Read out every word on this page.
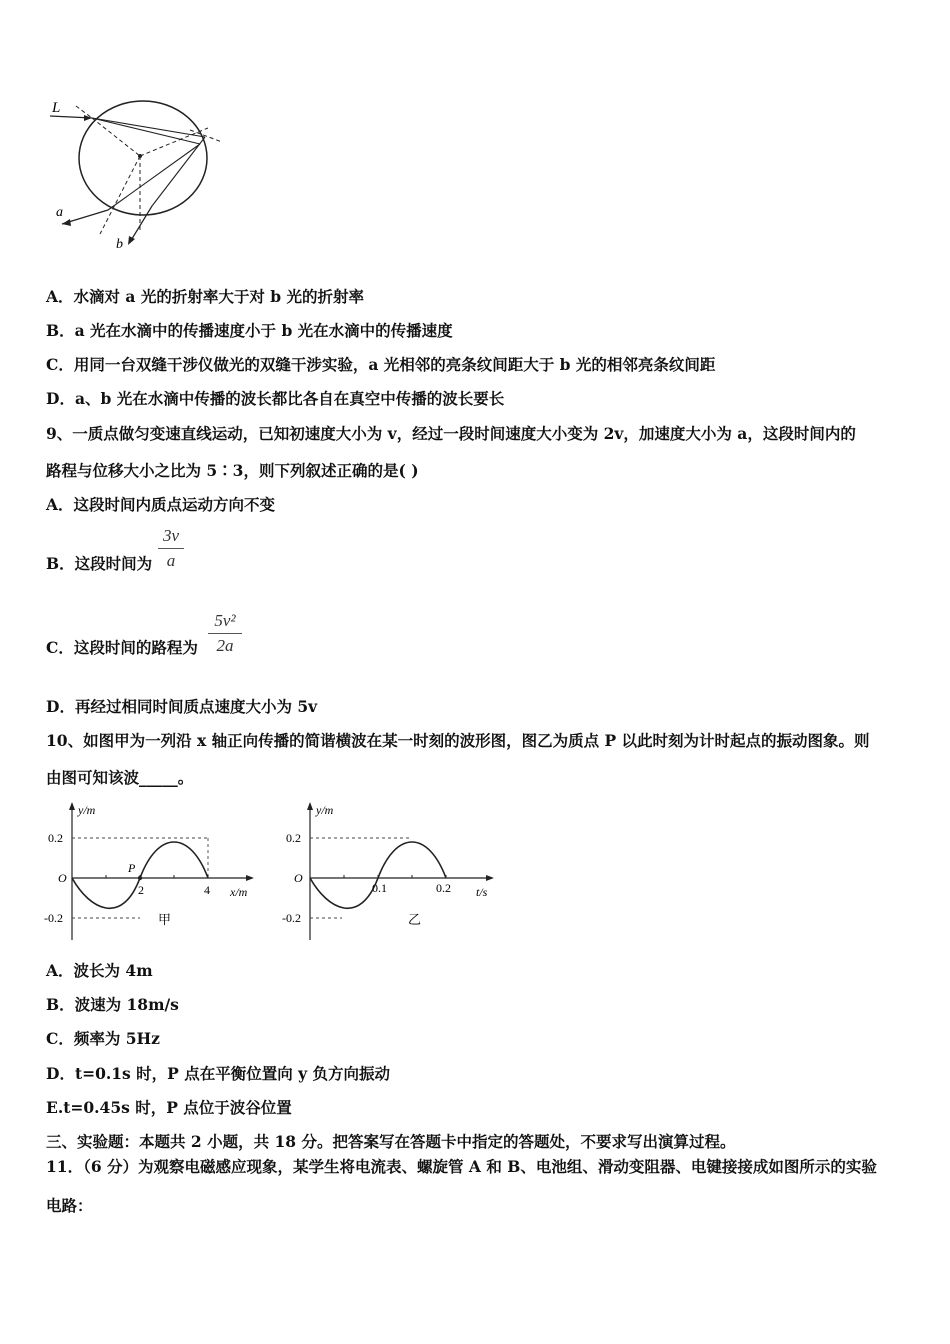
L
a
b
A．水滴对 a 光的折射率大于对 b 光的折射率
B．a 光在水滴中的传播速度小于 b 光在水滴中的传播速度
C．用同一台双缝干涉仪做光的双缝干涉实验，a 光相邻的亮条纹间距大于 b 光的相邻亮条纹间距
D．a、b 光在水滴中传播的波长都比各自在真空中传播的波长要长
9、一质点做匀变速直线运动，已知初速度大小为 v，经过一段时间速度大小变为 2v，加速度大小为 a，这段时间内的
路程与位移大小之比为 5∶3，则下列叙述正确的是( )
A．这段时间内质点运动方向不变
B．这段时间为
3v
a
C．这段时间的路程为
5v²
2a
D．再经过相同时间质点速度大小为 5v
10、如图甲为一列沿 x 轴正向传播的简谐横波在某一时刻的波形图，图乙为质点 P 以此时刻为计时起点的振动图象。则
由图可知该波_____。
y/m
0.2
-0.2
O
P
2	4 x/m
甲
y/m
0.2
-0.2
O
0.1	0.2 t/s
乙
A．波长为 4m
B．波速为 18m/s
C．频率为 5Hz
D．t=0.1s 时，P 点在平衡位置向 y 负方向振动
E.t=0.45s 时，P 点位于波谷位置
三、实验题：本题共 2 小题，共 18 分。把答案写在答题卡中指定的答题处，不要求写出演算过程。
11．（6 分）为观察电磁感应现象，某学生将电流表、螺旋管 A 和 B、电池组、滑动变阻器、电键接接成如图所示的实验
电路：
